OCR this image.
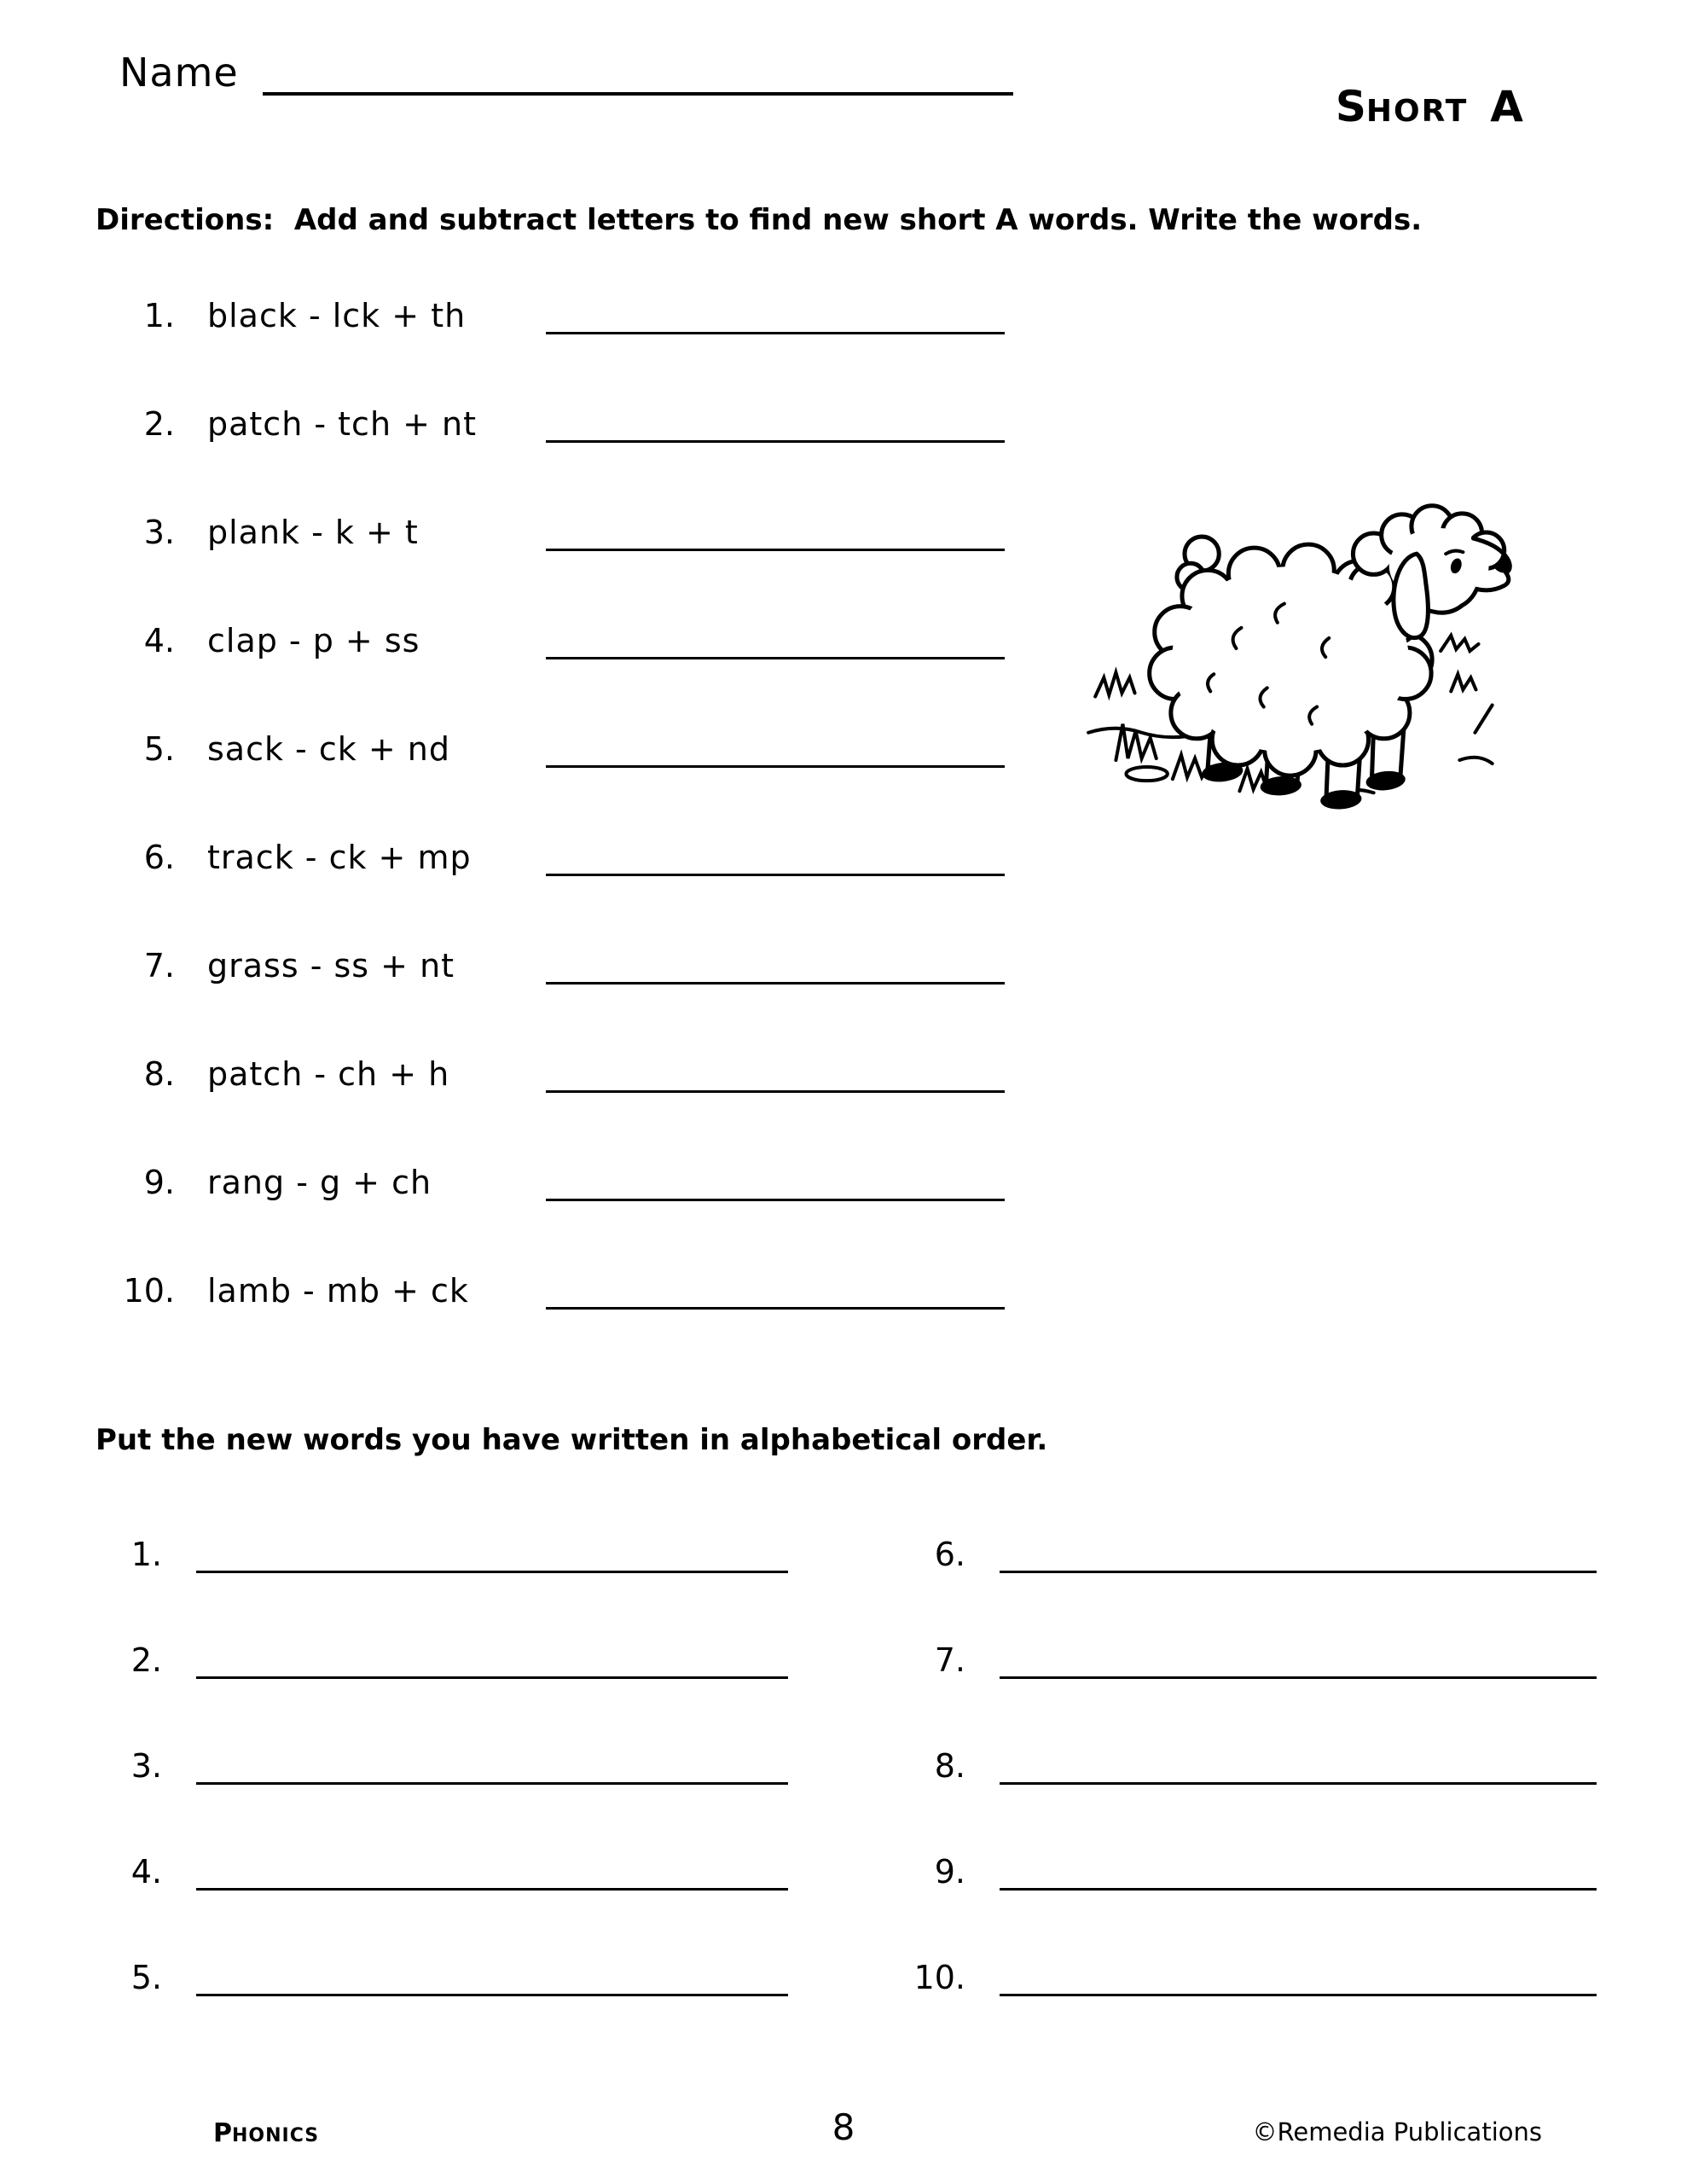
Name
SHORT A
Directions:  Add and subtract letters to find new short A words. Write the words.
1. black - lck + th
2. patch - tch + nt
3. plank - k + t
4. clap - p + ss
5. sack - ck + nd
6. track - ck + mp
7. grass - ss + nt
8. patch - ch + h
9. rang - g + ch
10. lamb - mb + ck
Put the new words you have written in alphabetical order.
1.
2.
3.
4.
5.
6.
7.
8.
9.
10.
PHONICS	8	©Remedia Publications
